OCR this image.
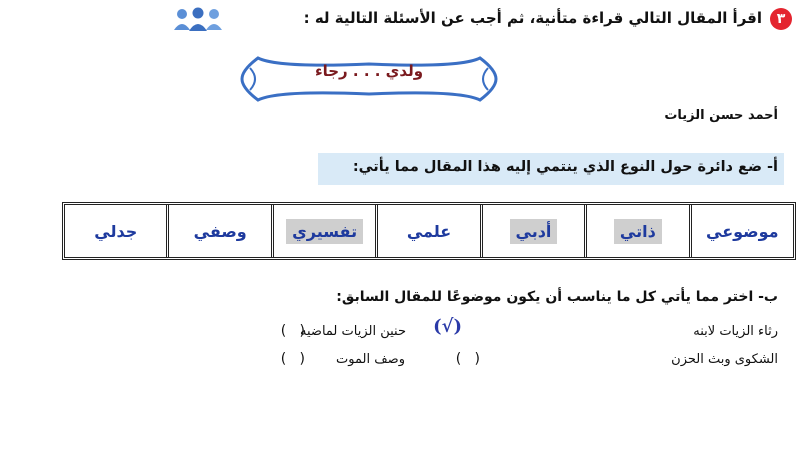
٣
اقرأ المقال التالي قراءة متأنية، ثم أجب عن الأسئلة التالية له :
ولدي . . . رجاء
أحمد حسن الزيات
أ- ضع دائرة حول النوع الذي ينتمي إليه هذا المقال مما يأتي:
موضوعي
ذاتي
أدبي
علمي
تفسيري
وصفي
جدلي
ب- اختر مما يأتي كل ما يناسب أن يكون موضوعًا للمقال السابق:
رثاء الزيات لابنه
(√)
حنين الزيات لماضيه
(   )
الشكوى وبث الحزن
(   )
وصف الموت
(   )
